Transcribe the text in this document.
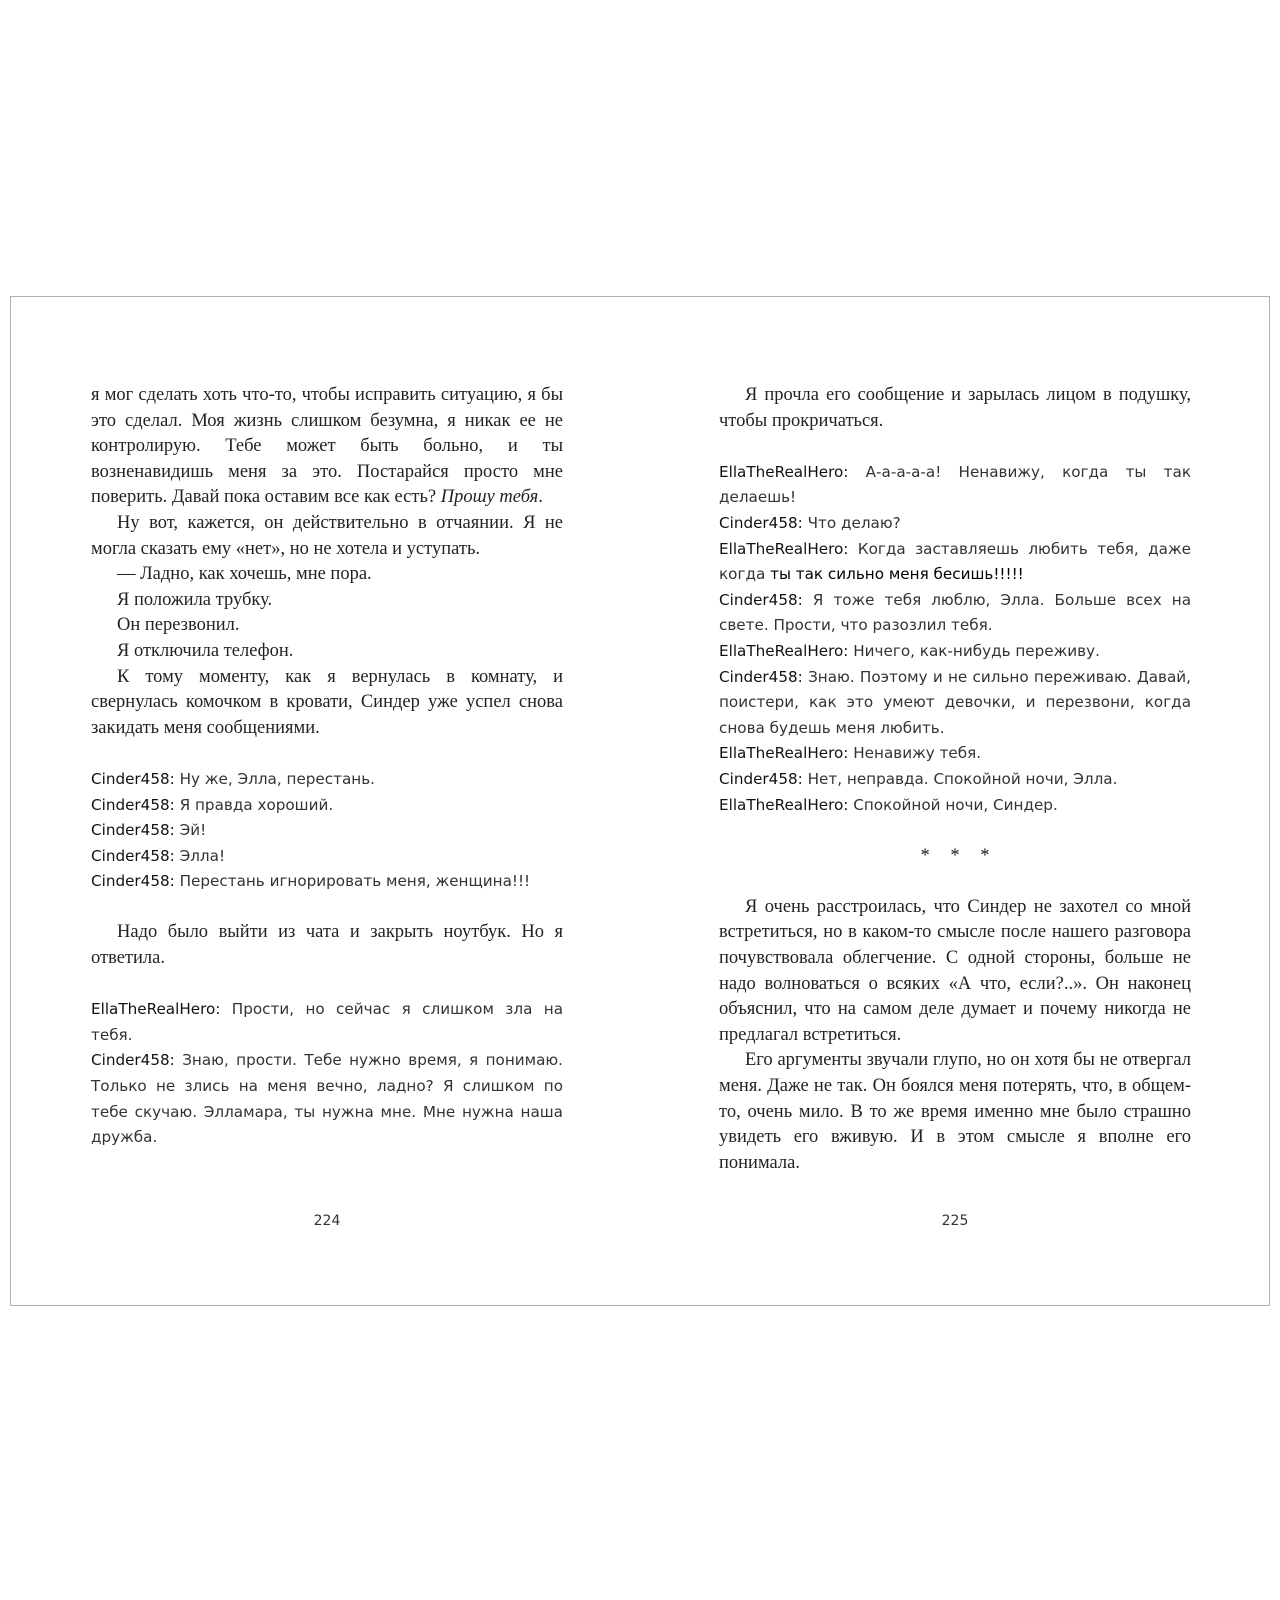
я мог сделать хоть что-то, чтобы исправить ситуацию, я бы это сделал. Моя жизнь слишком безумна, я никак ее не контролирую. Тебе может быть больно, и ты возненавидишь меня за это. Постарайся просто мне поверить. Давай пока оставим все как есть? Прошу тебя.

Ну вот, кажется, он действительно в отчаянии. Я не могла сказать ему «нет», но не хотела и уступать.

— Ладно, как хочешь, мне пора.

Я положила трубку.

Он перезвонил.

Я отключила телефон.

К тому моменту, как я вернулась в комнату, и свернулась комочком в кровати, Синдер уже успел снова закидать меня сообщениями.

Cinder458: Ну же, Элла, перестань.

Cinder458: Я правда хороший.

Cinder458: Эй!

Cinder458: Элла!

Cinder458: Перестань игнорировать меня, женщина!!!

Надо было выйти из чата и закрыть ноутбук. Но я ответила.

EllaTheRealHero: Прости, но сейчас я слишком зла на тебя.

Cinder458: Знаю, прости. Тебе нужно время, я понимаю. Только не злись на меня вечно, ладно? Я слишком по тебе скучаю. Элламара, ты нужна мне. Мне нужна наша дружба.

224

Я прочла его сообщение и зарылась лицом в подушку, чтобы прокричаться.

EllaTheRealHero: А-а-а-а-а! Ненавижу, когда ты так делаешь!

Cinder458: Что делаю?

EllaTheRealHero: Когда заставляешь любить тебя, даже когда ты так сильно меня бесишь!!!!!

Cinder458: Я тоже тебя люблю, Элла. Больше всех на свете. Прости, что разозлил тебя.

EllaTheRealHero: Ничего, как-нибудь переживу.

Cinder458: Знаю. Поэтому и не сильно переживаю. Давай, поистери, как это умеют девочки, и перезвони, когда снова будешь меня любить.

EllaTheRealHero: Ненавижу тебя.

Cinder458: Нет, неправда. Спокойной ночи, Элла.

EllaTheRealHero: Спокойной ночи, Синдер.

* * *

Я очень расстроилась, что Синдер не захотел со мной встретиться, но в каком-то смысле после нашего разговора почувствовала облегчение. С одной стороны, больше не надо волноваться о всяких «А что, если?..». Он наконец объяснил, что на самом деле думает и почему никогда не предлагал встретиться.

Его аргументы звучали глупо, но он хотя бы не отвергал меня. Даже не так. Он боялся меня потерять, что, в общем-то, очень мило. В то же время именно мне было страшно увидеть его вживую. И в этом смысле я вполне его понимала.

225
